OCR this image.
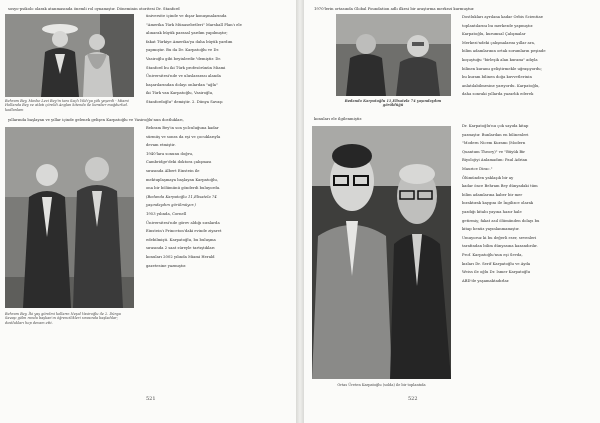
sosyo-psikolo olarak atanmasında önemli rol oynamıştır. Döneminin otoritesi Dr. Stanford
Behram Bey, Moshe Levi Bey'in tanı Saçlı Yıldı'ya yök yeşerdi - Miami Hollanda Bey ve atlatı çöreldi Anglan kitenda ile beraber mağdurlud. kodlanlam
üniversite içinde ve dışar konuşmalarında
"Amerika Türk Münasebetleri" Marshall Plan'ı ele
alınarak büyük parasal yardım yapılmıştır;
fakat Türkiye Amerika'ya daha büyük yardım
yapmıştır. Bu da Dr. Karpatoğlu ve Dr.
Vasiroğlu gibi beyinlerdir."demiştir. Dr.
Stanford bu iki Türk profesörünün Miami
Üniversitesi'nde ve uluslararası alanda
başarılarından dolayı onlardan "ağla"
iki Türk van Karpatoğlu, Vasiroğlu,
Stanfordoğlu" demiştir. 2. Dünya Savaşı
yıllarında başlayan ve yıllar içinde gelenek gelişen Karpatoğlu ve Vasiroğlu'nun dostlukları,
Behram Bey, İki yaş görelmi kolların Neşal Vasiroğlu ile 2. Dünya Savaşı gölm ronda başkan'ın öğrencilikleri sırasında başladılar; dostlukları hep devam etti.
Behram Bey'in son yolculuğuna kadar
sürmüş ve sonra da eşi ve çocuklarıyla
devam etmiştir.
1940'lara sonunu doğru,
Cambridge'deki doktora çalışması
sırasında Albert Einstein ile
mektuplaşmaya başlayan Karpatoğlu,
ona bir bölümünü gönderdi buluyordu.
(Bedanda Karpatoğlu 11,Elisatela 74
yaşındaydım görülmüyor.)
1953 yılında, Cornell
Üniversitesi'nde görev aldığı sıralarda
Einstein'ı Princeton'daki evinde ziyaret
edebilmişti. Karpatoğlu, bu buluşma
sırasında 2 saat süreyle tartıştıkları
konuları 2002 yılında Miami Herald
gazetesine yazmıştır.
521
1970'lerin ortasında Global Foundation adlı ilkesi bir araştırma merkezi kurmuştur.
Bedanda Karpatoğlu 11,Elisatela 74 yaşındaydım görüldüğü
Dostlukları ayrılana kadar Orbis Scientiae
toplantılarını bu merkezde yapmıştır.
Karpatoğlu, kurumsal Çalışmalar
Merkezi'ndeki çalışmalarını yıllar ara,
bilim adamlarının ortak sorumların peşinde
koşuştuğu "birleşik alan kuramı" adıyla
bilinen kuramı geliştirmekle uğraşıyordu;
bu kuram bilinen doğa kuvvetlerinin
anlatılabilmesine yarıyordu. Karpatoğlu,
daha sonraki yıllarda yazarlık ederek
konuları ele ilgilenmiştir.
Ortas Üreten Karpatoğlu (solda) ile bir toplantıda
Dr. Karpatoğlu'nu çok sayıda kitap
yazmıştır. Bunlardan en bilinenleri
"Modern Nicem Kuramı (Modern
Quantum Theory)" ve "Büyük Bir
Biyolojiyi Anlamadım: Paul Adrian
Maurice Dirac."
Ölümünden yaklaşık bir ay
kadar önce Behram Bey dünyadaki tüm
bilim adamlarına kaber bir mer
bıraktırak kaygını ile İngilizce olarak
yazdığı kitabı yayına hazır hale
getirmiş; fakat asıl ölümünden dolayı bu
kitap henüz yayınlanmamıştır.
Umuyoruz ki bu değerli eser, sevenleri
tarafından bilim dünyasına kazandırılır.
Prof. Karpatoğlu'nun eşi Sevda,
kızları Dr. Serif Karpatoğlu ve Ayda
Weiss ile oğlu Dr. Ismer Karpatoğlu
ABD'de yaşamaktadırlar.
522
